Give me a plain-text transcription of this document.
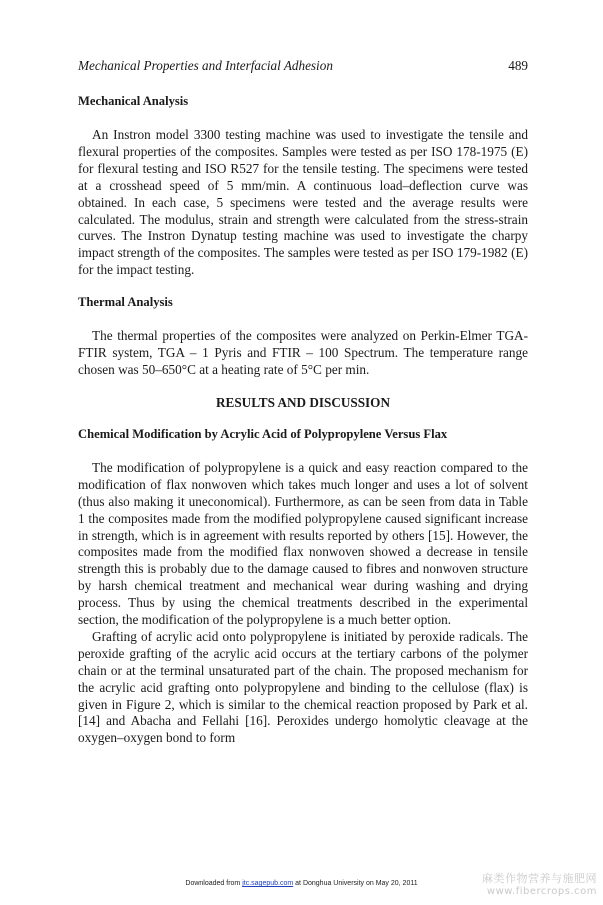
Mechanical Properties and Interfacial Adhesion	489
Mechanical Analysis

An Instron model 3300 testing machine was used to investigate the tensile and flexural properties of the composites. Samples were tested as per ISO 178-1975 (E) for flexural testing and ISO R527 for the tensile testing. The specimens were tested at a crosshead speed of 5 mm/min. A continuous load–deflection curve was obtained. In each case, 5 specimens were tested and the average results were calculated. The modulus, strain and strength were calculated from the stress-strain curves. The Instron Dynatup testing machine was used to investigate the charpy impact strength of the composites. The samples were tested as per ISO 179-1982 (E) for the impact testing.

Thermal Analysis

The thermal properties of the composites were analyzed on Perkin-Elmer TGA-FTIR system, TGA – 1 Pyris and FTIR – 100 Spectrum. The temperature range chosen was 50–650°C at a heating rate of 5°C per min.

RESULTS AND DISCUSSION
Chemical Modification by Acrylic Acid of Polypropylene Versus Flax

The modification of polypropylene is a quick and easy reaction compared to the modification of flax nonwoven which takes much longer and uses a lot of solvent (thus also making it uneconomical). Furthermore, as can be seen from data in Table 1 the composites made from the modified polypropylene caused significant increase in strength, which is in agreement with results reported by others [15]. However, the composites made from the modified flax nonwoven showed a decrease in tensile strength this is probably due to the damage caused to fibres and nonwoven structure by harsh chemical treatment and mechanical wear during washing and drying process. Thus by using the chemical treatments described in the experimental section, the modification of the polypropylene is a much better option.

Grafting of acrylic acid onto polypropylene is initiated by peroxide radicals. The peroxide grafting of the acrylic acid occurs at the tertiary carbons of the polymer chain or at the terminal unsaturated part of the chain. The proposed mechanism for the acrylic acid grafting onto polypropylene and binding to the cellulose (flax) is given in Figure 2, which is similar to the chemical reaction proposed by Park et al. [14] and Abacha and Fellahi [16]. Peroxides undergo homolytic cleavage at the oxygen–oxygen bond to form

Downloaded from jtc.sagepub.com at Donghua University on May 20, 2011	麻类作物营养与施肥网
www.fibercrops.com
